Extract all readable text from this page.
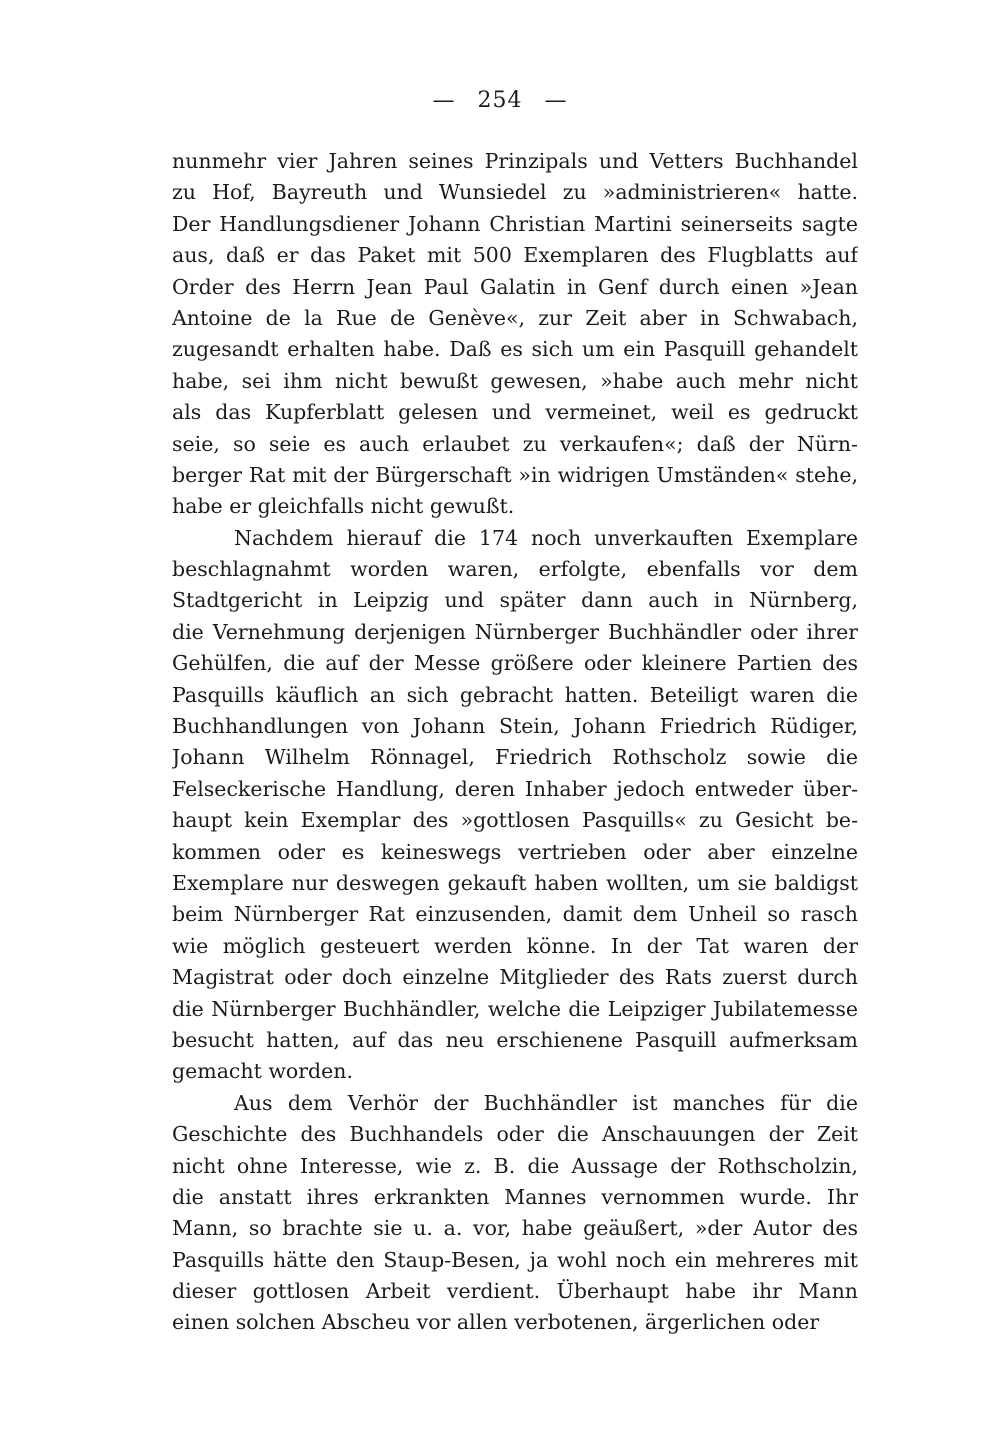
— 254 —
nunmehr vier Jahren seines Prinzipals und Vetters Buchhandel
zu Hof, Bayreuth und Wunsiedel zu »administrieren« hatte.
Der Handlungsdiener Johann Christian Martini seinerseits sagte
aus, daß er das Paket mit 500 Exemplaren des Flugblatts auf
Order des Herrn Jean Paul Galatin in Genf durch einen »Jean
Antoine de la Rue de Genève«, zur Zeit aber in Schwabach,
zugesandt erhalten habe. Daß es sich um ein Pasquill gehandelt
habe, sei ihm nicht bewußt gewesen, »habe auch mehr nicht
als das Kupferblatt gelesen und vermeinet, weil es gedruckt
seie, so seie es auch erlaubet zu verkaufen«; daß der Nürn-
berger Rat mit der Bürgerschaft »in widrigen Umständen« stehe,
habe er gleichfalls nicht gewußt.
Nachdem hierauf die 174 noch unverkauften Exemplare
beschlagnahmt worden waren, erfolgte, ebenfalls vor dem
Stadtgericht in Leipzig und später dann auch in Nürnberg,
die Vernehmung derjenigen Nürnberger Buchhändler oder ihrer
Gehülfen, die auf der Messe größere oder kleinere Partien des
Pasquills käuflich an sich gebracht hatten. Beteiligt waren die
Buchhandlungen von Johann Stein, Johann Friedrich Rüdiger,
Johann Wilhelm Rönnagel, Friedrich Rothscholz sowie die
Felseckerische Handlung, deren Inhaber jedoch entweder über-
haupt kein Exemplar des »gottlosen Pasquills« zu Gesicht be-
kommen oder es keineswegs vertrieben oder aber einzelne
Exemplare nur deswegen gekauft haben wollten, um sie baldigst
beim Nürnberger Rat einzusenden, damit dem Unheil so rasch
wie möglich gesteuert werden könne. In der Tat waren der
Magistrat oder doch einzelne Mitglieder des Rats zuerst durch
die Nürnberger Buchhändler, welche die Leipziger Jubilatemesse
besucht hatten, auf das neu erschienene Pasquill aufmerksam
gemacht worden.
Aus dem Verhör der Buchhändler ist manches für die
Geschichte des Buchhandels oder die Anschauungen der Zeit
nicht ohne Interesse, wie z. B. die Aussage der Rothscholzin,
die anstatt ihres erkrankten Mannes vernommen wurde. Ihr
Mann, so brachte sie u. a. vor, habe geäußert, »der Autor des
Pasquills hätte den Staup-Besen, ja wohl noch ein mehreres mit
dieser gottlosen Arbeit verdient. Überhaupt habe ihr Mann
einen solchen Abscheu vor allen verbotenen, ärgerlichen oder
